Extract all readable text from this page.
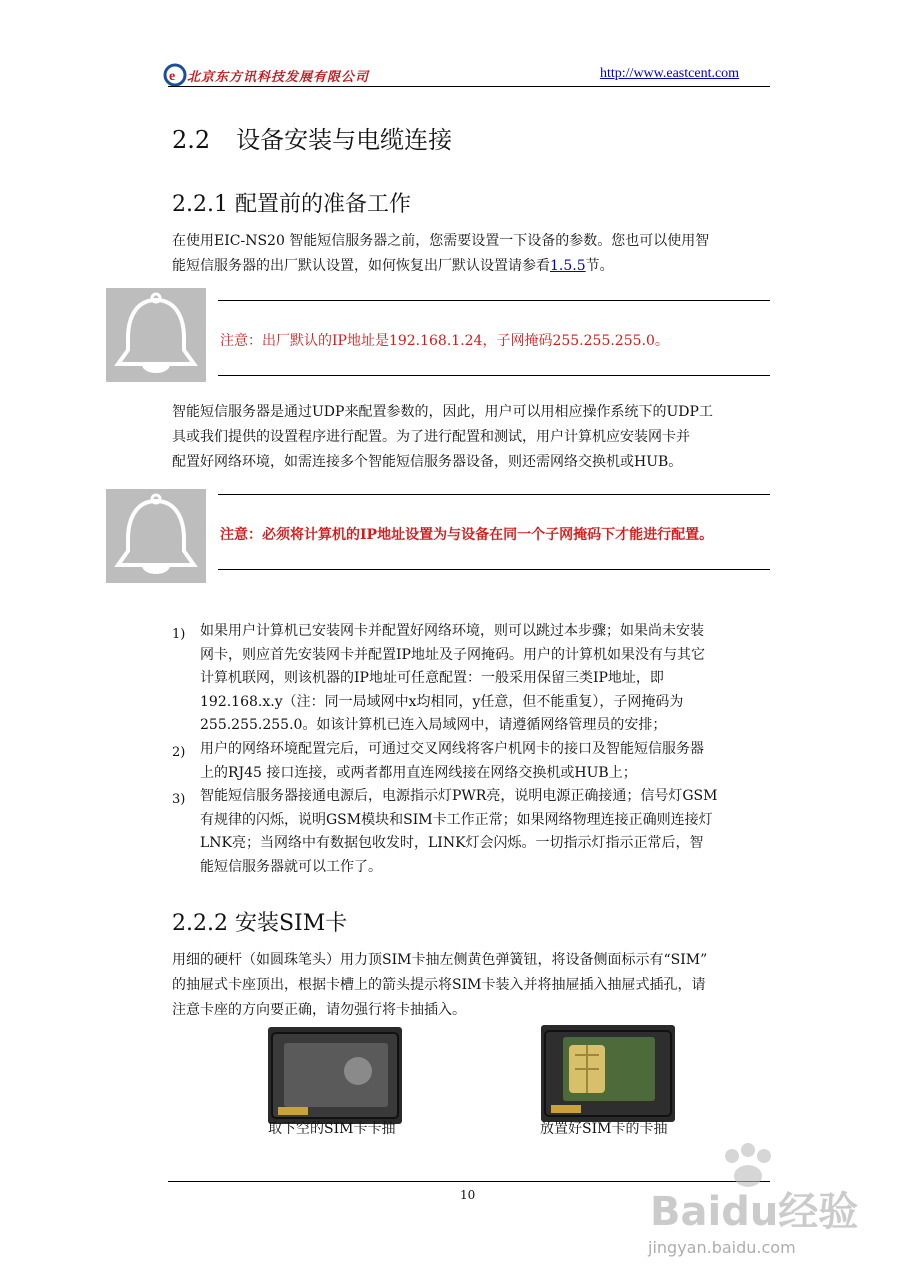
e 北京东方讯科技发展有限公司	http://www.eastcent.com
2.2 设备安装与电缆连接
2.2.1 配置前的准备工作
在使用EIC-NS20 智能短信服务器之前，您需要设置一下设备的参数。您也可以使用智
能短信服务器的出厂默认设置，如何恢复出厂默认设置请参看1.5.5节。
注意：出厂默认的IP地址是192.168.1.24，子网掩码255.255.255.0。
智能短信服务器是通过UDP来配置参数的，因此，用户可以用相应操作系统下的UDP工
具或我们提供的设置程序进行配置。为了进行配置和测试，用户计算机应安装网卡并
配置好网络环境，如需连接多个智能短信服务器设备，则还需网络交换机或HUB。
注意：必须将计算机的IP地址设置为与设备在同一个子网掩码下才能进行配置。
1) 如果用户计算机已安装网卡并配置好网络环境，则可以跳过本步骤；如果尚未安装
网卡，则应首先安装网卡并配置IP地址及子网掩码。用户的计算机如果没有与其它
计算机联网，则该机器的IP地址可任意配置：一般采用保留三类IP地址，即
192.168.x.y（注：同一局域网中x均相同，y任意，但不能重复），子网掩码为
255.255.255.0。如该计算机已连入局域网中，请遵循网络管理员的安排；
2) 用户的网络环境配置完后，可通过交叉网线将客户机网卡的接口及智能短信服务器
上的RJ45 接口连接，或两者都用直连网线接在网络交换机或HUB上；
3) 智能短信服务器接通电源后，电源指示灯PWR亮，说明电源正确接通；信号灯GSM
有规律的闪烁，说明GSM模块和SIM卡工作正常；如果网络物理连接正确则连接灯
LNK亮；当网络中有数据包收发时，LINK灯会闪烁。一切指示灯指示正常后，智
能短信服务器就可以工作了。
2.2.2 安装SIM卡
用细的硬杆（如圆珠笔头）用力顶SIM卡抽左侧黄色弹簧钮，将设备侧面标示有“SIM”
的抽屉式卡座顶出，根据卡槽上的箭头提示将SIM卡装入并将抽屉插入抽屉式插孔，请
注意卡座的方向要正确，请勿强行将卡抽插入。
取下空的SIM卡卡抽	放置好SIM卡的卡抽
10	Baidu经验
jingyan.baidu.com
